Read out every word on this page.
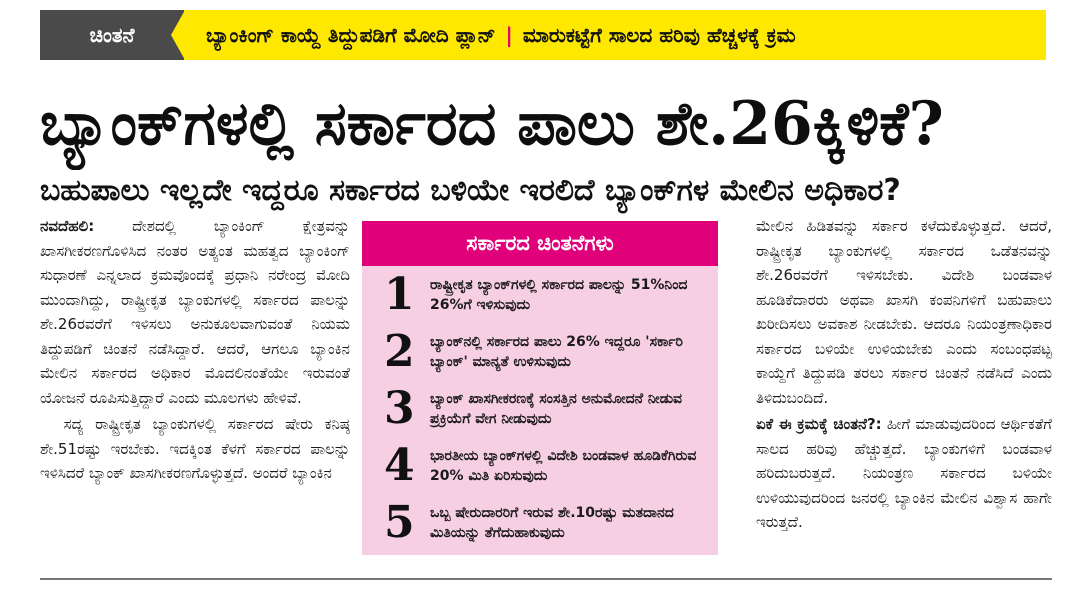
ಚಿಂತನೆ	ಬ್ಯಾಂಕಿಂಗ್ ಕಾಯ್ದೆ ತಿದ್ದುಪಡಿಗೆ ಮೋದಿ ಪ್ಲಾನ್ | ಮಾರುಕಟ್ಟೆಗೆ ಸಾಲದ ಹರಿವು ಹೆಚ್ಚಳಕ್ಕೆ ಕ್ರಮ
ಬ್ಯಾಂಕ್‌ಗಳಲ್ಲಿ ಸರ್ಕಾರದ ಪಾಲು ಶೇ.26ಕ್ಕಿಳಿಕೆ?
ಬಹುಪಾಲು ಇಲ್ಲದೇ ಇದ್ದರೂ ಸರ್ಕಾರದ ಬಳಿಯೇ ಇರಲಿದೆ ಬ್ಯಾಂಕ್‌ಗಳ ಮೇಲಿನ ಅಧಿಕಾರ?

ನವದೆಹಲಿ:	ದೇಶದಲ್ಲಿ ಬ್ಯಾಂಕಿಂಗ್ ಕ್ಷೇತ್ರವನ್ನು ಖಾಸಗೀಕರಣಗೊಳಿಸಿದ ನಂತರ ಅತ್ಯಂತ ಮಹತ್ವದ ಬ್ಯಾಂಕಿಂಗ್ ಸುಧಾರಣೆ ಎನ್ನಲಾದ ಕ್ರಮವೊಂದಕ್ಕೆ ಪ್ರಧಾನಿ ನರೇಂದ್ರ ಮೋದಿ ಮುಂದಾಗಿದ್ದು, ರಾಷ್ಟ್ರೀಕೃತ ಬ್ಯಾಂಕುಗಳಲ್ಲಿ ಸರ್ಕಾರದ ಪಾಲನ್ನು ಶೇ.26ರವರೆಗೆ ಇಳಿಸಲು ಅನುಕೂಲವಾಗುವಂತೆ ನಿಯಮ ತಿದ್ದುಪಡಿಗೆ ಚಿಂತನೆ ನಡೆಸಿದ್ದಾರೆ. ಆದರೆ, ಆಗಲೂ ಬ್ಯಾಂಕಿನ ಮೇಲಿನ ಸರ್ಕಾರದ ಅಧಿಕಾರ ಮೊದಲಿನಂತೆಯೇ ಇರುವಂತೆ ಯೋಜನೆ ರೂಪಿಸುತ್ತಿದ್ದಾರೆ ಎಂದು ಮೂಲಗಳು ಹೇಳಿವೆ.

ಸದ್ಯ ರಾಷ್ಟ್ರೀಕೃತ ಬ್ಯಾಂಕುಗಳಲ್ಲಿ ಸರ್ಕಾರದ ಷೇರು ಕನಿಷ್ಠ ಶೇ.51ರಷ್ಟು ಇರಬೇಕು. ಇದಕ್ಕಿಂತ ಕೆಳಗೆ ಸರ್ಕಾರದ ಪಾಲನ್ನು ಇಳಿಸಿದರೆ ಬ್ಯಾಂಕ್ ಖಾಸಗೀಕರಣಗೊಳ್ಳುತ್ತದೆ. ಅಂದರೆ ಬ್ಯಾಂಕಿನ

ಸರ್ಕಾರದ ಚಿಂತನೆಗಳು
1	ರಾಷ್ಟ್ರೀಕೃತ ಬ್ಯಾಂಕ್‌ಗಳಲ್ಲಿ ಸರ್ಕಾರದ ಪಾಲನ್ನು 51%ನಿಂದ 26%ಗೆ ಇಳಿಸುವುದು
2	ಬ್ಯಾಂಕ್‌ನಲ್ಲಿ ಸರ್ಕಾರದ ಪಾಲು 26% ಇದ್ದರೂ 'ಸರ್ಕಾರಿ ಬ್ಯಾಂಕ್' ಮಾನ್ಯತೆ ಉಳಿಸುವುದು
3	ಬ್ಯಾಂಕ್ ಖಾಸಗೀಕರಣಕ್ಕೆ ಸಂಸತ್ತಿನ ಅನುಮೋದನೆ ನೀಡುವ ಪ್ರಕ್ರಿಯೆಗೆ ವೇಗ ನೀಡುವುದು
4	ಭಾರತೀಯ ಬ್ಯಾಂಕ್‌ಗಳಲ್ಲಿ ವಿದೇಶಿ ಬಂಡವಾಳ ಹೂಡಿಕೆಗಿರುವ 20% ಮಿತಿ ಏರಿಸುವುದು
5	ಒಬ್ಬ ಷೇರುದಾರರಿಗೆ ಇರುವ ಶೇ.10ರಷ್ಟು ಮತದಾನದ ಮಿತಿಯನ್ನು ತೆಗೆದುಹಾಕುವುದು

ಮೇಲಿನ ಹಿಡಿತವನ್ನು ಸರ್ಕಾರ ಕಳೆದುಕೊಳ್ಳುತ್ತದೆ. ಆದರೆ, ರಾಷ್ಟ್ರೀಕೃತ ಬ್ಯಾಂಕುಗಳಲ್ಲಿ ಸರ್ಕಾರದ ಒಡೆತನವನ್ನು ಶೇ.26ರವರೆಗೆ ಇಳಿಸಬೇಕು. ವಿದೇಶಿ ಬಂಡವಾಳ ಹೂಡಿಕೆದಾರರು ಅಥವಾ ಖಾಸಗಿ ಕಂಪನಿಗಳಿಗೆ ಬಹುಪಾಲು ಖರೀದಿಸಲು ಅವಕಾಶ ನೀಡಬೇಕು. ಆದರೂ ನಿಯಂತ್ರಣಾಧಿಕಾರ ಸರ್ಕಾರದ ಬಳಿಯೇ ಉಳಿಯಬೇಕು ಎಂದು ಸಂಬಂಧಪಟ್ಟ ಕಾಯ್ದೆಗೆ ತಿದ್ದುಪಡಿ ತರಲು ಸರ್ಕಾರ ಚಿಂತನೆ ನಡೆಸಿದೆ ಎಂದು ತಿಳಿದುಬಂದಿದೆ.

ಏಕೆ ಈ ಕ್ರಮಕ್ಕೆ ಚಿಂತನೆ?: ಹೀಗೆ ಮಾಡುವುದರಿಂದ ಆರ್ಥಿಕತೆಗೆ ಸಾಲದ ಹರಿವು ಹೆಚ್ಚುತ್ತದೆ. ಬ್ಯಾಂಕುಗಳಿಗೆ ಬಂಡವಾಳ ಹರಿದುಬರುತ್ತದೆ. ನಿಯಂತ್ರಣ ಸರ್ಕಾರದ ಬಳಿಯೇ ಉಳಿಯುವುದರಿಂದ ಜನರಲ್ಲಿ ಬ್ಯಾಂಕಿನ ಮೇಲಿನ ವಿಶ್ವಾಸ ಹಾಗೇ ಇರುತ್ತದೆ.
